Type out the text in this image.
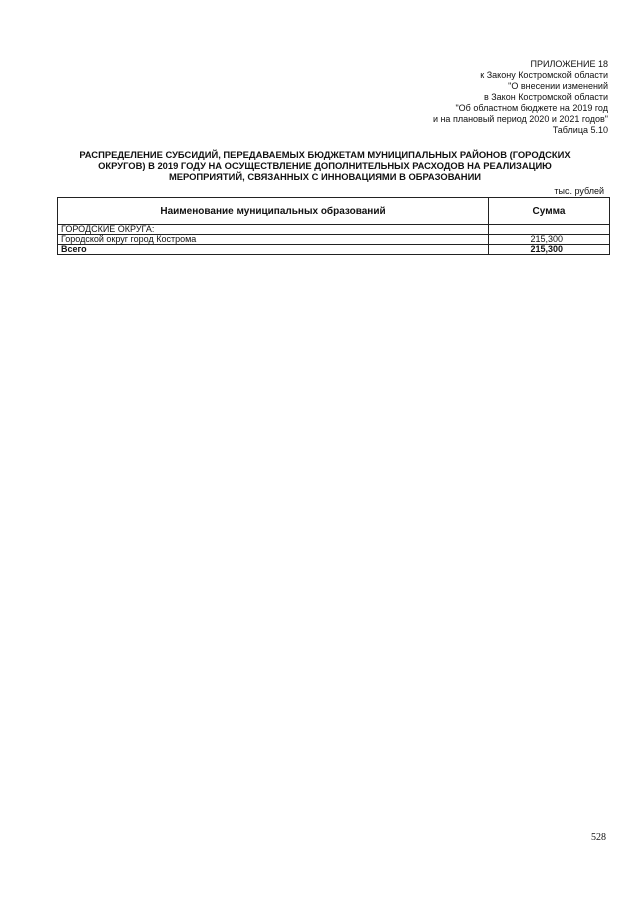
ПРИЛОЖЕНИЕ 18
к Закону Костромской области
"О внесении изменений
в Закон Костромской области
"Об областном бюджете на 2019 год
и на плановый период 2020 и 2021 годов"
Таблица 5.10
РАСПРЕДЕЛЕНИЕ СУБСИДИЙ, ПЕРЕДАВАЕМЫХ БЮДЖЕТАМ МУНИЦИПАЛЬНЫХ РАЙОНОВ (ГОРОДСКИХ
ОКРУГОВ) В 2019 ГОДУ НА ОСУЩЕСТВЛЕНИЕ ДОПОЛНИТЕЛЬНЫХ РАСХОДОВ НА РЕАЛИЗАЦИЮ
МЕРОПРИЯТИЙ, СВЯЗАННЫХ С ИННОВАЦИЯМИ В ОБРАЗОВАНИИ
тыс. рублей
Наименование муниципальных образований	Сумма
ГОРОДСКИЕ ОКРУГА:	
Городской округ город Кострома	215,300
Всего	215,300
528
